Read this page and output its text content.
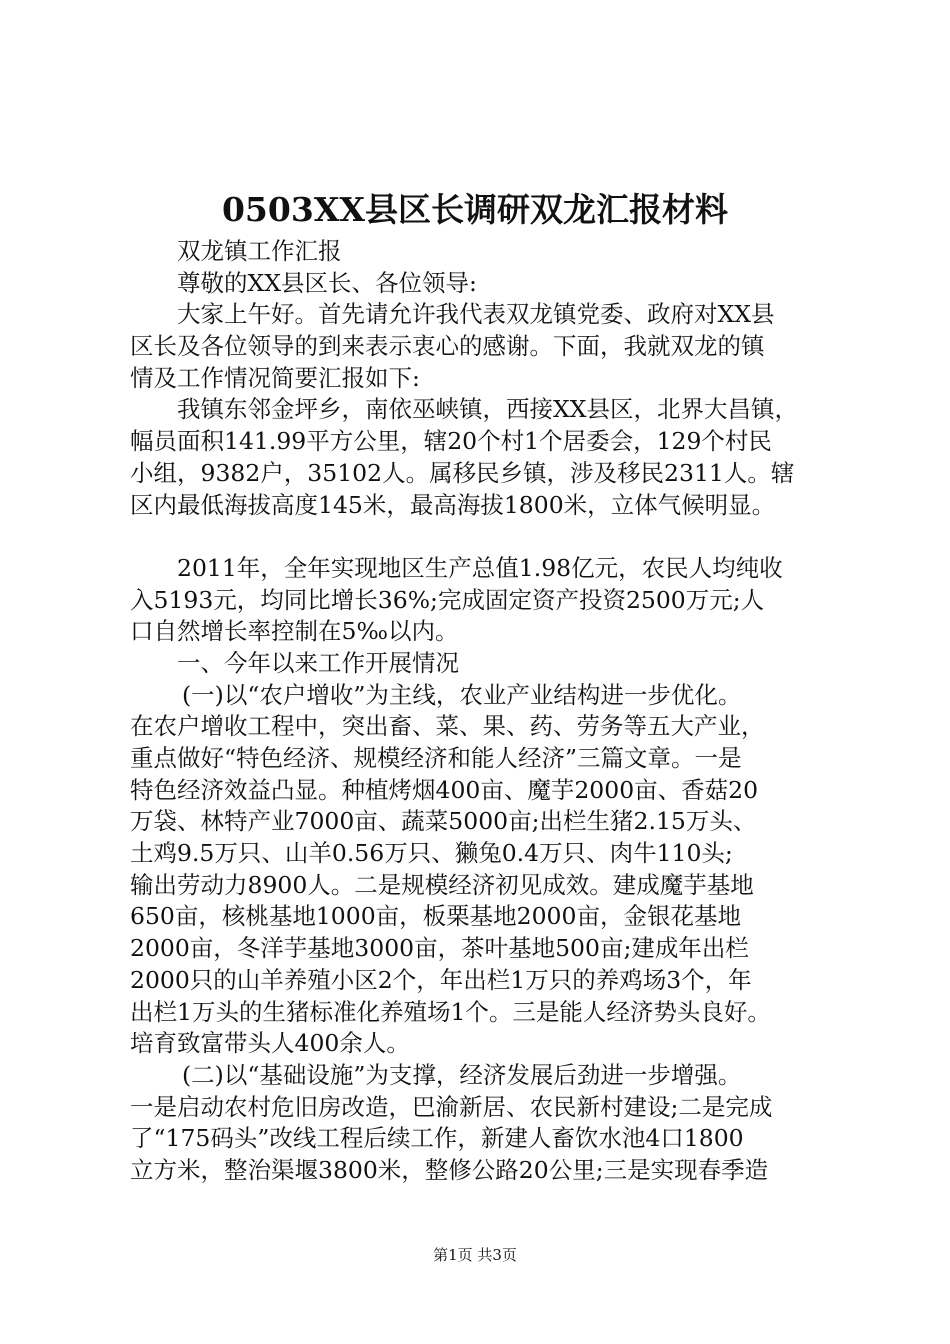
0503XX县区长调研双龙汇报材料
双龙镇工作汇报
尊敬的XX县区长、各位领导:
大家上午好。首先请允许我代表双龙镇党委、政府对XX县
区长及各位领导的到来表示衷心的感谢。下面，我就双龙的镇
情及工作情况简要汇报如下:
我镇东邻金坪乡，南依巫峡镇，西接XX县区，北界大昌镇，
幅员面积141.99平方公里，辖20个村1个居委会，129个村民
小组，9382户，35102人。属移民乡镇，涉及移民2311人。辖
区内最低海拔高度145米，最高海拔1800米，立体气候明显。
2011年，全年实现地区生产总值1.98亿元，农民人均纯收
入5193元，均同比增长36%;完成固定资产投资2500万元;人
口自然增长率控制在5‰以内。
一、今年以来工作开展情况
(一)以“农户增收”为主线，农业产业结构进一步优化。
在农户增收工程中，突出畜、菜、果、药、劳务等五大产业，
重点做好“特色经济、规模经济和能人经济”三篇文章。一是
特色经济效益凸显。种植烤烟400亩、魔芋2000亩、香菇20
万袋、林特产业7000亩、蔬菜5000亩;出栏生猪2.15万头、
土鸡9.5万只、山羊0.56万只、獭兔0.4万只、肉牛110头;
输出劳动力8900人。二是规模经济初见成效。建成魔芋基地
650亩，核桃基地1000亩，板栗基地2000亩，金银花基地
2000亩，冬洋芋基地3000亩，茶叶基地500亩;建成年出栏
2000只的山羊养殖小区2个，年出栏1万只的养鸡场3个，年
出栏1万头的生猪标准化养殖场1个。三是能人经济势头良好。
培育致富带头人400余人。
(二)以“基础设施”为支撑，经济发展后劲进一步增强。
一是启动农村危旧房改造，巴渝新居、农民新村建设;二是完成
了“175码头”改线工程后续工作，新建人畜饮水池4口1800
立方米，整治渠堰3800米，整修公路20公里;三是实现春季造
第1页 共3页
